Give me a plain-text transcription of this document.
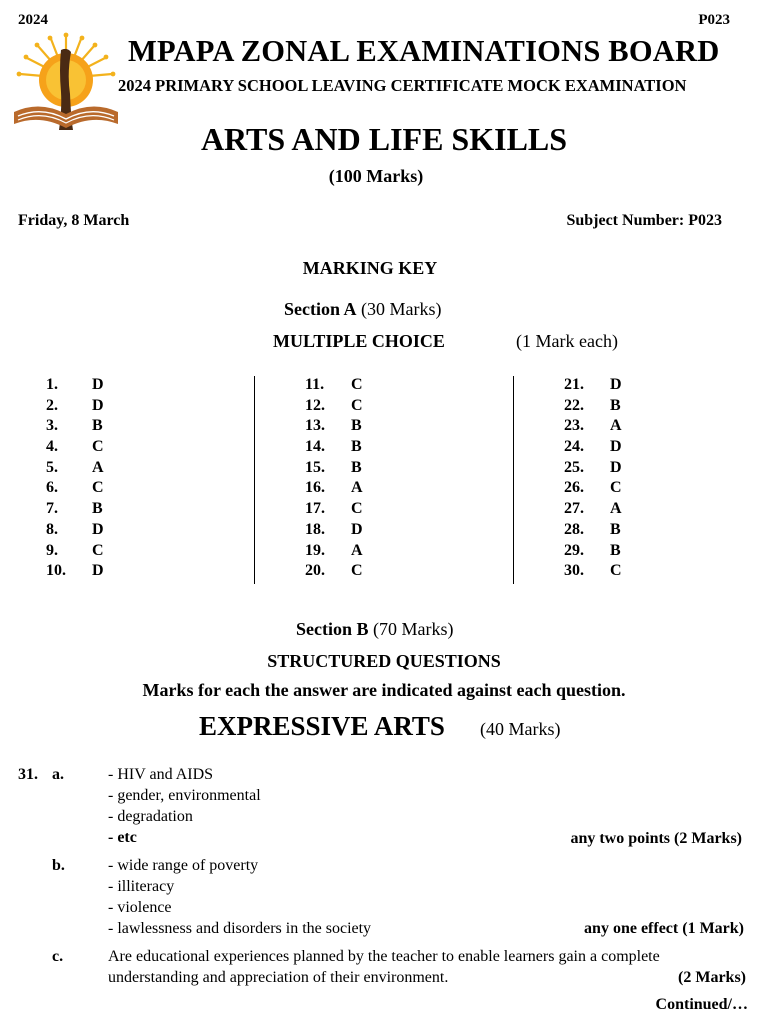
2024	P023
MPAPA ZONAL EXAMINATIONS BOARD
2024 PRIMARY SCHOOL LEAVING CERTIFICATE MOCK EXAMINATION
ARTS AND LIFE SKILLS
(100 Marks)
Friday, 8 March	Subject Number: P023
MARKING KEY
Section A (30 Marks)
MULTIPLE CHOICE	(1 Mark each)
1.	D
2.	D
3.	B
4.	C
5.	A
6.	C
7.	B
8.	D
9.	C
10.	D
11.	C
12.	C
13.	B
14.	B
15.	B
16.	A
17.	C
18.	D
19.	A
20.	C
21.	D
22.	B
23.	A
24.	D
25.	D
26.	C
27.	A
28.	B
29.	B
30.	C
Section B (70 Marks)
STRUCTURED QUESTIONS
Marks for each the answer are indicated against each question.
EXPRESSIVE ARTS (40 Marks)
31. a.	- HIV and AIDS
- gender, environmental
- degradation
- etc	any two points (2 Marks)
b.	- wide range of poverty
- illiteracy
- violence
- lawlessness and disorders in the society	any one effect (1 Mark)
c.	Are educational experiences planned by the teacher to enable learners gain a complete
understanding and appreciation of their environment.	(2 Marks)
Continued/…
